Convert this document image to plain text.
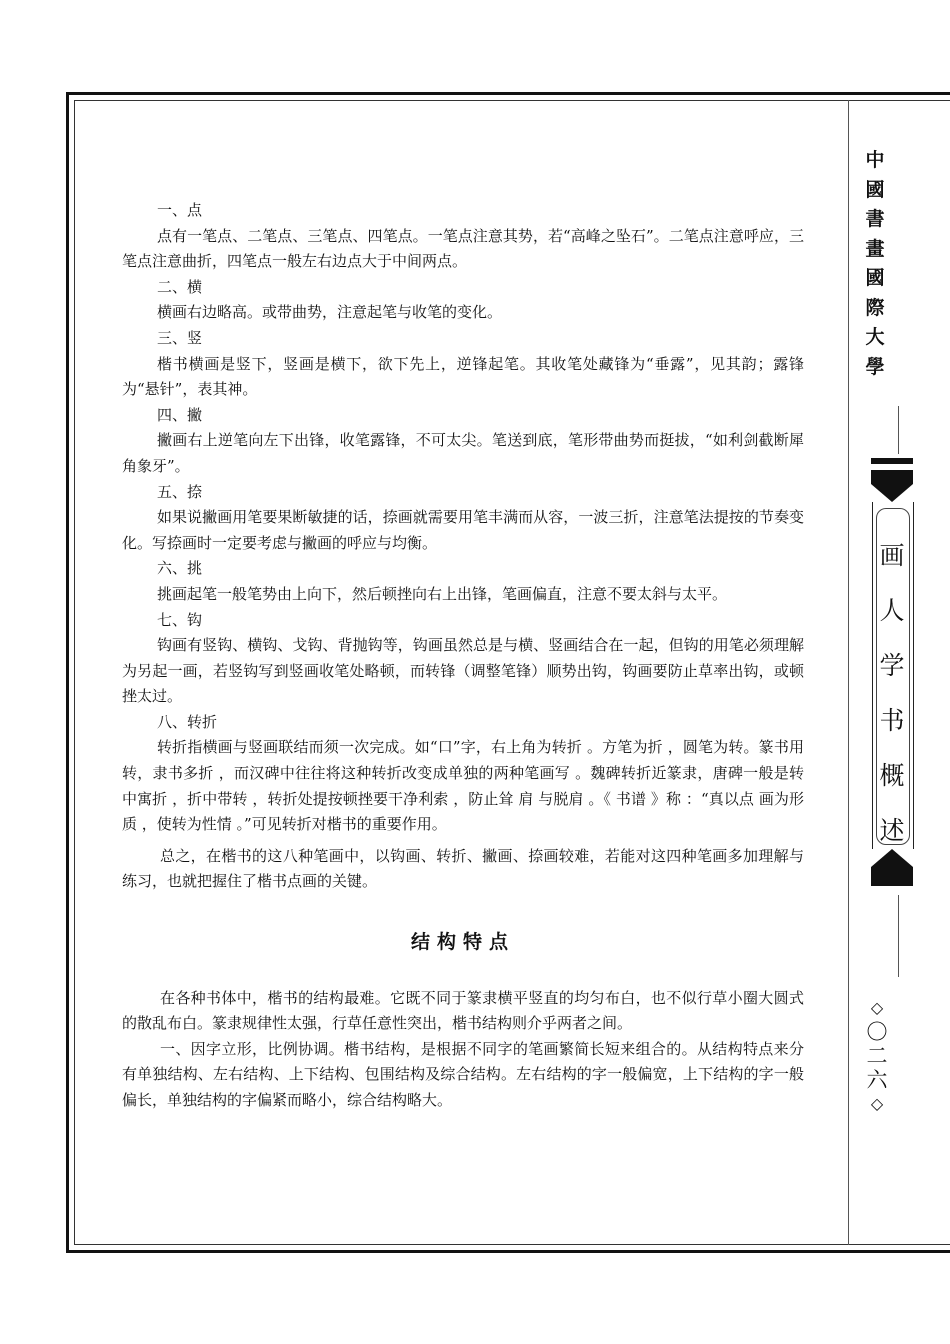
一、点

点有一笔点、二笔点、三笔点、四笔点。一笔点注意其势，若“高峰之坠石”。二笔点注意呼应，三笔点注意曲折，四笔点一般左右边点大于中间两点。

二、横

横画右边略高。或带曲势，注意起笔与收笔的变化。

三、竖

楷书横画是竖下，竖画是横下，欲下先上，逆锋起笔。其收笔处藏锋为“垂露”，见其韵；露锋为“悬针”，表其神。

四、撇

撇画右上逆笔向左下出锋，收笔露锋，不可太尖。笔送到底，笔形带曲势而挺拔，“如利剑截断犀角象牙”。

五、捺

如果说撇画用笔要果断敏捷的话，捺画就需要用笔丰满而从容，一波三折，注意笔法提按的节奏变化。写捺画时一定要考虑与撇画的呼应与均衡。

六、挑

挑画起笔一般笔势由上向下，然后顿挫向右上出锋，笔画偏直，注意不要太斜与太平。

七、钩

钩画有竖钩、横钩、戈钩、背抛钩等，钩画虽然总是与横、竖画结合在一起，但钩的用笔必须理解为另起一画，若竖钩写到竖画收笔处略顿，而转锋（调整笔锋）顺势出钩，钩画要防止草率出钩，或顿挫太过。

八、转折

转折指横画与竖画联结而须一次完成。如“口”字，右上角为转折 。方笔为折 ，圆笔为转。篆书用转，隶书多折 ，而汉碑中往往将这种转折改变成单独的两种笔画写 。魏碑转折近篆隶，唐碑一般是转中寓折 ，折中带转 ，转折处提按顿挫要干净利索 ，防止耸 肩 与脱肩 。《 书谱 》称 ：“真以点 画为形质 ，使转为性情 。”可见转折对楷书的重要作用。

总之，在楷书的这八种笔画中，以钩画、转折、撇画、捺画较难，若能对这四种笔画多加理解与练习，也就把握住了楷书点画的关键。

结构特点

在各种书体中，楷书的结构最难。它既不同于篆隶横平竖直的均匀布白，也不似行草小圈大圆式的散乱布白。篆隶规律性太强，行草任意性突出，楷书结构则介乎两者之间。

一、因字立形，比例协调。楷书结构，是根据不同字的笔画繁简长短来组合的。从结构特点来分有单独结构、左右结构、上下结构、包围结构及综合结构。左右结构的字一般偏宽，上下结构的字一般偏长，单独结构的字偏紧而略小，综合结构略大。

中
國
書
畫
國
際
大
學
画
人
学
书
概
述
◇
〇
二
六
◇
